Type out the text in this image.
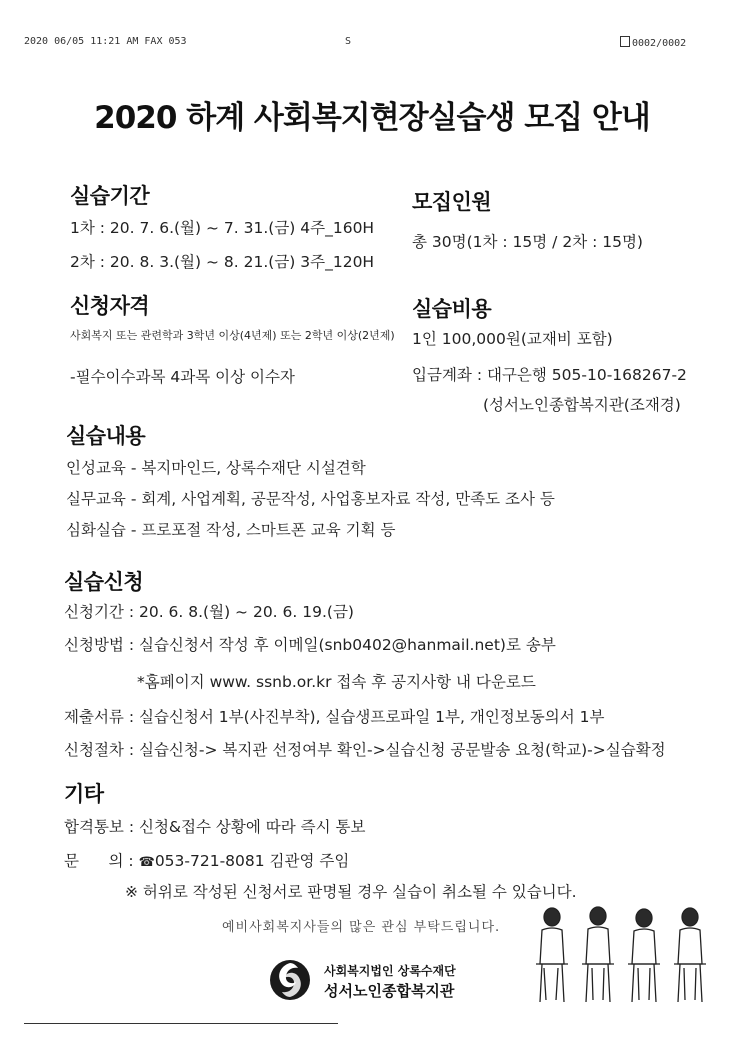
2020 06/05 11:21 AM FAX 053	S	0002/0002
2020 하계 사회복지현장실습생 모집 안내
실습기간
1차 : 20. 7. 6.(월) ~ 7. 31.(금) 4주_160H
2차 : 20. 8. 3.(월) ~ 8. 21.(금) 3주_120H
모집인원
총 30명(1차 : 15명 / 2차 : 15명)
신청자격
사회복지 또는 관련학과 3학년 이상(4년제) 또는 2학년 이상(2년제)
-필수이수과목 4과목 이상 이수자
실습비용
1인 100,000원(교재비 포함)
입금계좌 : 대구은행 505-10-168267-2
(성서노인종합복지관(조재경)
실습내용
인성교육 - 복지마인드, 상록수재단 시설견학
실무교육 - 회계, 사업계획, 공문작성, 사업홍보자료 작성, 만족도 조사 등
심화실습 - 프로포절 작성, 스마트폰 교육 기획 등
실습신청
신청기간 : 20. 6. 8.(월) ~ 20. 6. 19.(금)
신청방법 : 실습신청서 작성 후 이메일(snb0402@hanmail.net)로 송부
*홈페이지 www. ssnb.or.kr 접속 후 공지사항 내 다운로드
제출서류 : 실습신청서 1부(사진부착), 실습생프로파일 1부, 개인정보동의서 1부
신청절차 : 실습신청-> 복지관 선정여부 확인->실습신청 공문발송 요청(학교)->실습확정
기타
합격통보 : 신청&접수 상황에 따라 즉시 통보
문      의 : ☎053-721-8081 김관영 주임
※ 허위로 작성된 신청서로 판명될 경우 실습이 취소될 수 있습니다.
예비사회복지사들의 많은 관심 부탁드립니다.
사회복지법인 상록수재단
성서노인종합복지관
